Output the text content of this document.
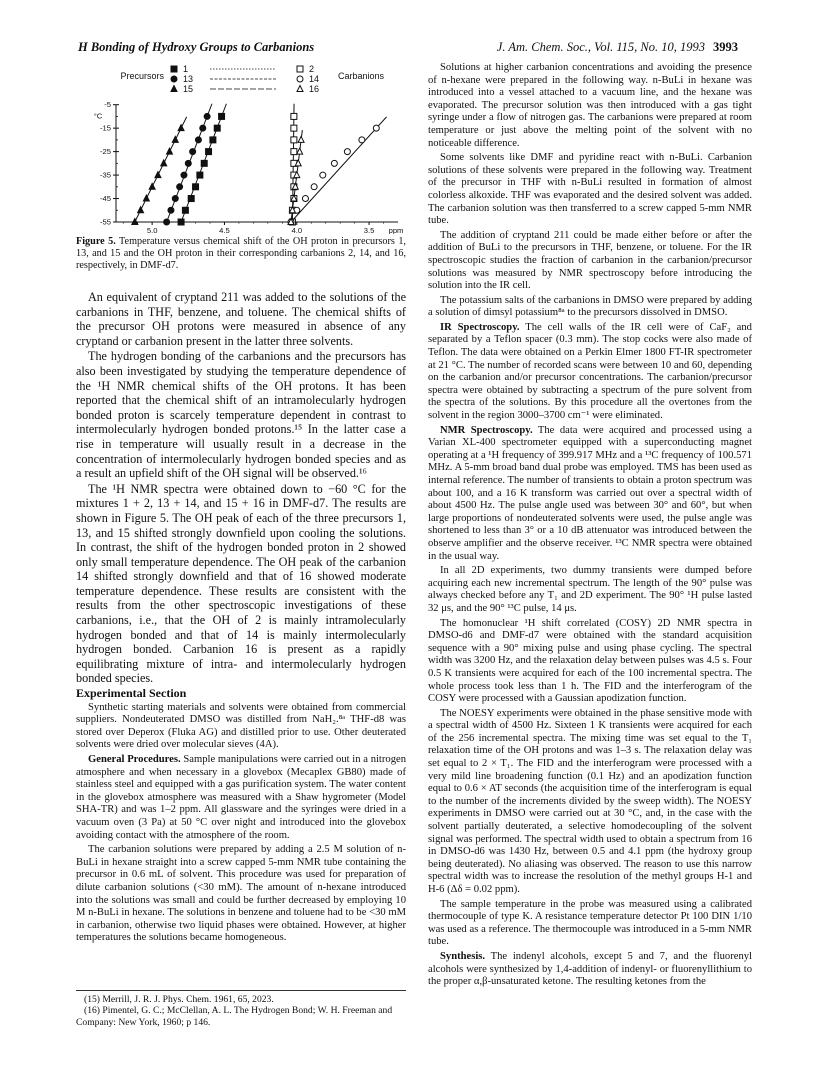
H Bonding of Hydroxy Groups to Carbanions	J. Am. Chem. Soc., Vol. 115, No. 10, 1993 3993
Precursors	Carbanions
1	2
13	14
15	16
-5
-15
-25
-35
-45
-55
°C
5.0	4.5	4.0	3.5 ppm
Figure 5. Temperature versus chemical shift of the OH proton in precursors 1, 13, and 15 and the OH proton in their corresponding carbanions 2, 14, and 16, respectively, in DMF-d7.

An equivalent of cryptand 211 was added to the solutions of the carbanions in THF, benzene, and toluene. The chemical shifts of the precursor OH protons were measured in absence of any cryptand or carbanion present in the latter three solvents.

The hydrogen bonding of the carbanions and the precursors has also been investigated by studying the temperature dependence of the ¹H NMR chemical shifts of the OH protons. It has been reported that the chemical shift of an intramolecularly hydrogen bonded proton is scarcely temperature dependent in contrast to intermolecularly hydrogen bonded protons.¹⁵ In the latter case a rise in temperature will usually result in a decrease in the concentration of intermolecularly hydrogen bonded species and as a result an upfield shift of the OH signal will be observed.¹⁶

The ¹H NMR spectra were obtained down to −60 °C for the mixtures 1 + 2, 13 + 14, and 15 + 16 in DMF-d7. The results are shown in Figure 5. The OH peak of each of the three precursors 1, 13, and 15 shifted strongly downfield upon cooling the solutions. In contrast, the shift of the hydrogen bonded proton in 2 showed only small temperature dependence. The OH peak of the carbanion 14 shifted strongly downfield and that of 16 showed moderate temperature dependence. These results are consistent with the results from the other spectroscopic investigations of these carbanions, i.e., that the OH of 2 is mainly intramolecularly hydrogen bonded and that of 14 is mainly intermolecularly hydrogen bonded. Carbanion 16 is present as a rapidly equilibrating mixture of intra- and intermolecularly hydrogen bonded species.

Experimental Section

Synthetic starting materials and solvents were obtained from commercial suppliers. Nondeuterated DMSO was distilled from NaH₂.⁸ᵃ THF-d8 was stored over Deperox (Fluka AG) and distilled prior to use. Other deuterated solvents were dried over molecular sieves (4A).

General Procedures. Sample manipulations were carried out in a nitrogen atmosphere and when necessary in a glovebox (Mecaplex GB80) made of stainless steel and equipped with a gas purification system. The water content in the glovebox atmosphere was measured with a Shaw hygrometer (Model SHA-TR) and was 1–2 ppm. All glassware and the syringes were dried in a vacuum oven (3 Pa) at 50 °C over night and introduced into the glovebox avoiding contact with the atmosphere of the room.

The carbanion solutions were prepared by adding a 2.5 M solution of n-BuLi in hexane straight into a screw capped 5-mm NMR tube containing the precursor in 0.6 mL of solvent. This procedure was used for preparation of dilute carbanion solutions (<30 mM). The amount of n-hexane introduced into the solutions was small and could be further decreased by employing 10 M n-BuLi in hexane. The solutions in benzene and toluene had to be <30 mM in carbanion, otherwise two liquid phases were obtained. However, at higher temperatures the solutions became homogeneous.

(15) Merrill, J. R. J. Phys. Chem. 1961, 65, 2023.

(16) Pimentel, G. C.; McClellan, A. L. The Hydrogen Bond; W. H. Freeman and Company: New York, 1960; p 146.

Solutions at higher carbanion concentrations and avoiding the presence of n-hexane were prepared in the following way. n-BuLi in hexane was introduced into a vessel attached to a vacuum line, and the hexane was evaporated. The precursor solution was then introduced with a gas tight syringe under a flow of nitrogen gas. The carbanions were prepared at room temperature or just above the melting point of the solvent with no noticeable difference.

Some solvents like DMF and pyridine react with n-BuLi. Carbanion solutions of these solvents were prepared in the following way. Treatment of the precursor in THF with n-BuLi resulted in formation of almost colorless alkoxide. THF was evaporated and the desired solvent was added. The carbanion solution was then transferred to a screw capped 5-mm NMR tube.

The addition of cryptand 211 could be made either before or after the addition of BuLi to the precursors in THF, benzene, or toluene. For the IR spectroscopic studies the fraction of carbanion in the carbanion/precursor solutions was measured by NMR spectroscopy before introducing the solution into the IR cell.

The potassium salts of the carbanions in DMSO were prepared by adding a solution of dimsyl potassium⁸ᵃ to the precursors dissolved in DMSO.

IR Spectroscopy. The cell walls of the IR cell were of CaF₂ and separated by a Teflon spacer (0.3 mm). The stop cocks were also made of Teflon. The data were obtained on a Perkin Elmer 1800 FT-IR spectrometer at 21 °C. The number of recorded scans were between 10 and 60, depending on the carbanion and/or precursor concentrations. The carbanion/precursor spectra were obtained by subtracting a spectrum of the pure solvent from the spectra of the solutions. By this procedure all the overtones from the solvent in the region 3000–3700 cm⁻¹ were eliminated.

NMR Spectroscopy. The data were acquired and processed using a Varian XL-400 spectrometer equipped with a superconducting magnet operating at a ¹H frequency of 399.917 MHz and a ¹³C frequency of 100.571 MHz. A 5-mm broad band dual probe was employed. TMS has been used as internal reference. The number of transients to obtain a proton spectrum was about 100, and a 16 K transform was carried out over a spectral width of about 4500 Hz. The pulse angle used was between 30° and 60°, but when large proportions of nondeuterated solvents were used, the pulse angle was shortened to less than 3° or a 10 dB attenuator was introduced between the observe amplifier and the observe receiver. ¹³C NMR spectra were obtained in the usual way.

In all 2D experiments, two dummy transients were dumped before acquiring each new incremental spectrum. The length of the 90° pulse was always checked before any T₁ and 2D experiment. The 90° ¹H pulse lasted 32 μs, and the 90° ¹³C pulse, 14 μs.

The homonuclear ¹H shift correlated (COSY) 2D NMR spectra in DMSO-d6 and DMF-d7 were obtained with the standard acquisition sequence with a 90° mixing pulse and using phase cycling. The spectral width was 3200 Hz, and the relaxation delay between pulses was 4.5 s. Four 0.5 K transients were acquired for each of the 100 incremental spectra. The whole process took less than 1 h. The FID and the interferogram of the COSY were processed with a Gaussian apodization function.

The NOESY experiments were obtained in the phase sensitive mode with a spectral width of 4500 Hz. Sixteen 1 K transients were acquired for each of the 256 incremental spectra. The mixing time was set equal to the T₁ relaxation time of the OH protons and was 1–3 s. The relaxation delay was set equal to 2 × T₁. The FID and the interferogram were processed with a very mild line broadening function (0.1 Hz) and an apodization function equal to 0.6 × AT seconds (the acquisition time of the interferogram is equal to the number of the increments divided by the sweep width). The NOESY experiments in DMSO were carried out at 30 °C, and, in the case with the solvent partially deuterated, a selective homodecoupling of the solvent signal was performed. The spectral width used to obtain a spectrum from 16 in DMSO-d6 was 1430 Hz, between 0.5 and 4.1 ppm (the hydroxy group being deuterated). No aliasing was observed. The reason to use this narrow spectral width was to increase the resolution of the methyl groups H-1 and H-6 (Δδ = 0.02 ppm).

The sample temperature in the probe was measured using a calibrated thermocouple of type K. A resistance temperature detector Pt 100 DIN 1/10 was used as a reference. The thermocouple was introduced in a 5-mm NMR tube.

Synthesis. The indenyl alcohols, except 5 and 7, and the fluorenyl alcohols were synthesized by 1,4-addition of indenyl- or fluorenyllithium to the proper α,β-unsaturated ketone. The resulting ketones from the
